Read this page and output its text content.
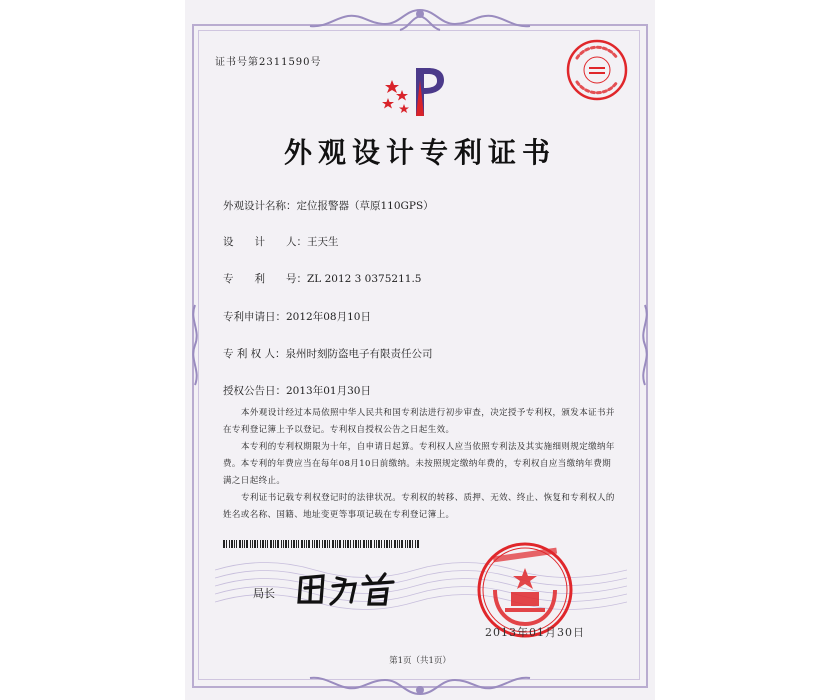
证书号第2311590号
外观设计专利证书
外观设计名称：定位报警器（草原110GPS）
设　　计　　人：王天生
专　　利　　号：ZL 2012 3 0375211.5
专利申请日：2012年08月10日
专 利 权 人：泉州时刻防盗电子有限责任公司
授权公告日：2013年01月30日
本外观设计经过本局依照中华人民共和国专利法进行初步审查，决定授予专利权，颁发本证书并在专利登记簿上予以登记。专利权自授权公告之日起生效。
本专利的专利权期限为十年，自申请日起算。专利权人应当依照专利法及其实施细则规定缴纳年费。本专利的年费应当在每年08月10日前缴纳。未按照规定缴纳年费的，专利权自应当缴纳年费期满之日起终止。
专利证书记载专利权登记时的法律状况。专利权的转移、质押、无效、终止、恢复和专利权人的姓名或名称、国籍、地址变更等事项记载在专利登记簿上。
局长
2013年01月30日
第1页（共1页）
